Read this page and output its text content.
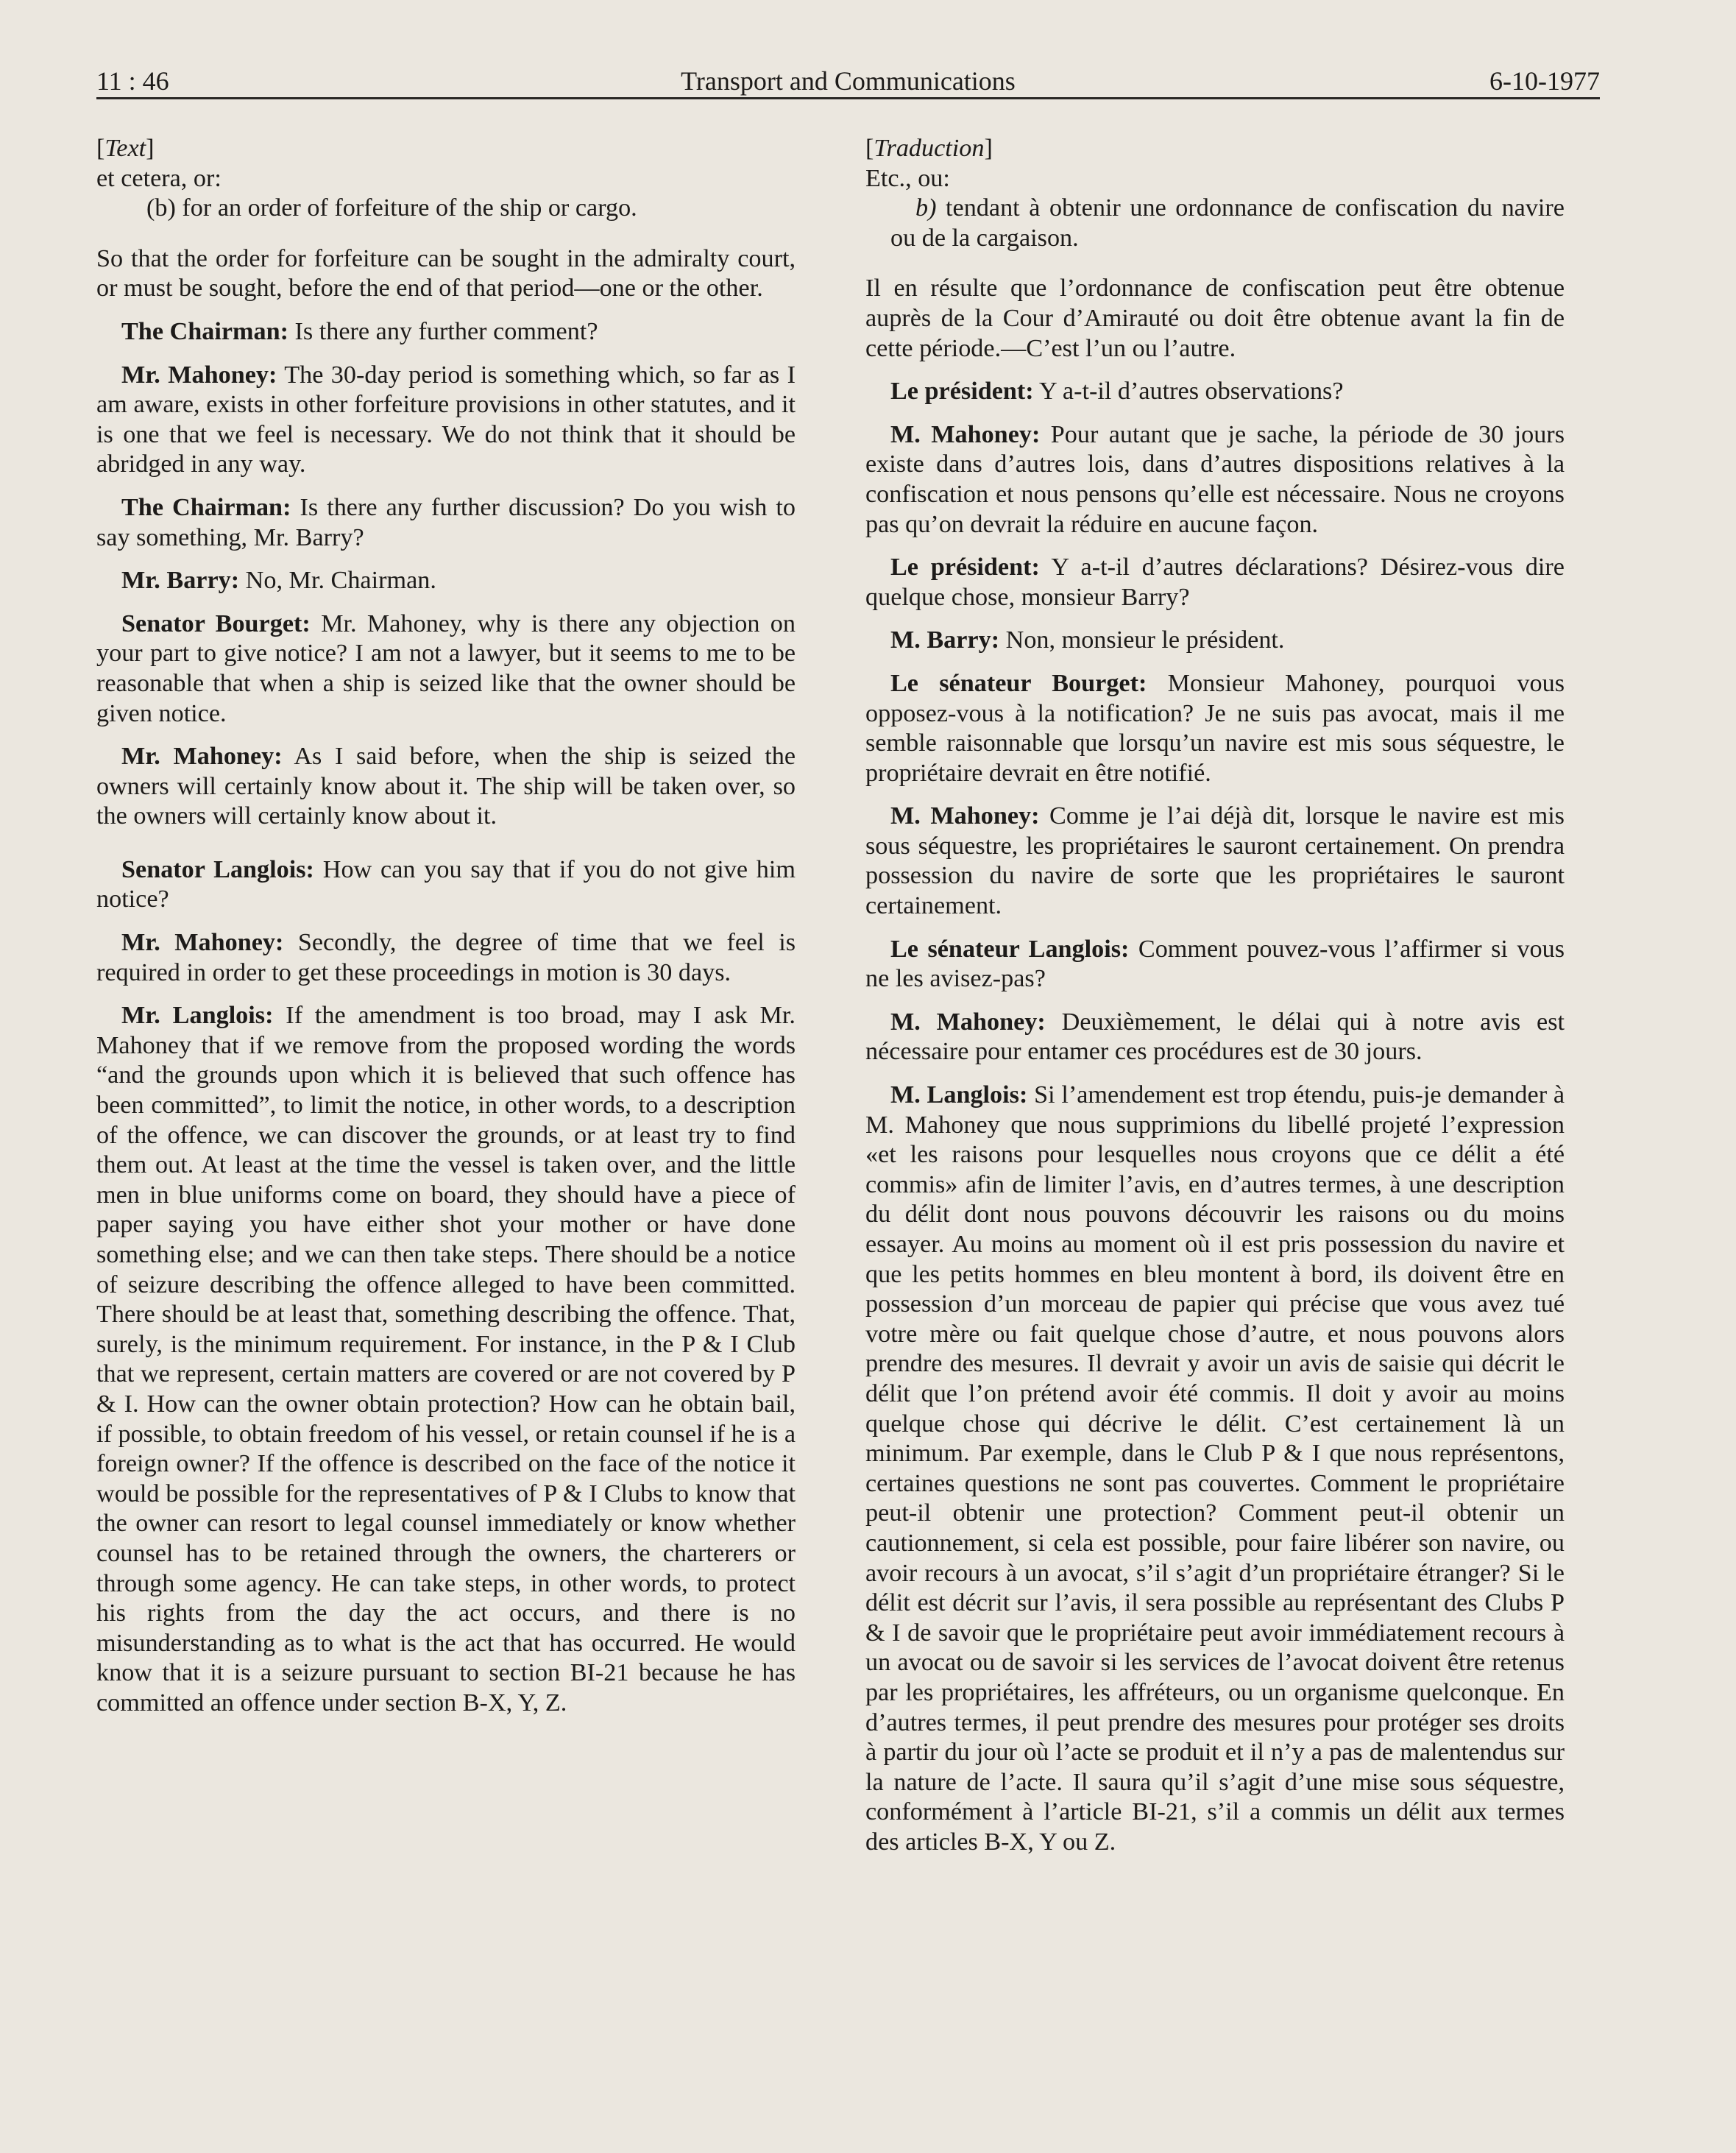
11 : 46	Transport and Communications	6-10-1977

[Text]

et cetera, or:

(b) for an order of forfeiture of the ship or cargo.

So that the order for forfeiture can be sought in the admiralty court, or must be sought, before the end of that period—one or the other.

The Chairman: Is there any further comment?

Mr. Mahoney: The 30-day period is something which, so far as I am aware, exists in other forfeiture provisions in other statutes, and it is one that we feel is necessary. We do not think that it should be abridged in any way.

The Chairman: Is there any further discussion? Do you wish to say something, Mr. Barry?

Mr. Barry: No, Mr. Chairman.

Senator Bourget: Mr. Mahoney, why is there any objection on your part to give notice? I am not a lawyer, but it seems to me to be reasonable that when a ship is seized like that the owner should be given notice.

Mr. Mahoney: As I said before, when the ship is seized the owners will certainly know about it. The ship will be taken over, so the owners will certainly know about it.

Senator Langlois: How can you say that if you do not give him notice?

Mr. Mahoney: Secondly, the degree of time that we feel is required in order to get these proceedings in motion is 30 days.

Mr. Langlois: If the amendment is too broad, may I ask Mr. Mahoney that if we remove from the proposed wording the words “and the grounds upon which it is believed that such offence has been committed”, to limit the notice, in other words, to a description of the offence, we can discover the grounds, or at least try to find them out. At least at the time the vessel is taken over, and the little men in blue uniforms come on board, they should have a piece of paper saying you have either shot your mother or have done something else; and we can then take steps. There should be a notice of seizure describing the offence alleged to have been committed. There should be at least that, something describing the offence. That, surely, is the minimum requirement. For instance, in the P & I Club that we represent, certain matters are covered or are not covered by P & I. How can the owner obtain protection? How can he obtain bail, if possible, to obtain freedom of his vessel, or retain counsel if he is a foreign owner? If the offence is described on the face of the notice it would be possible for the representatives of P & I Clubs to know that the owner can resort to legal counsel immediately or know whether counsel has to be retained through the owners, the charterers or through some agency. He can take steps, in other words, to protect his rights from the day the act occurs, and there is no misunderstanding as to what is the act that has occurred. He would know that it is a seizure pursuant to section BI-21 because he has committed an offence under section B-X, Y, Z.

[Traduction]

Etc., ou:

b) tendant à obtenir une ordonnance de confiscation du navire ou de la cargaison.

Il en résulte que l’ordonnance de confiscation peut être obtenue auprès de la Cour d’Amirauté ou doit être obtenue avant la fin de cette période.—C’est l’un ou l’autre.

Le président: Y a-t-il d’autres observations?

M. Mahoney: Pour autant que je sache, la période de 30 jours existe dans d’autres lois, dans d’autres dispositions relatives à la confiscation et nous pensons qu’elle est nécessaire. Nous ne croyons pas qu’on devrait la réduire en aucune façon.

Le président: Y a-t-il d’autres déclarations? Désirez-vous dire quelque chose, monsieur Barry?

M. Barry: Non, monsieur le président.

Le sénateur Bourget: Monsieur Mahoney, pourquoi vous opposez-vous à la notification? Je ne suis pas avocat, mais il me semble raisonnable que lorsqu’un navire est mis sous séquestre, le propriétaire devrait en être notifié.

M. Mahoney: Comme je l’ai déjà dit, lorsque le navire est mis sous séquestre, les propriétaires le sauront certainement. On prendra possession du navire de sorte que les propriétaires le sauront certainement.

Le sénateur Langlois: Comment pouvez-vous l’affirmer si vous ne les avisez-pas?

M. Mahoney: Deuxièmement, le délai qui à notre avis est nécessaire pour entamer ces procédures est de 30 jours.

M. Langlois: Si l’amendement est trop étendu, puis-je demander à M. Mahoney que nous supprimions du libellé projeté l’expression «et les raisons pour lesquelles nous croyons que ce délit a été commis» afin de limiter l’avis, en d’autres termes, à une description du délit dont nous pouvons découvrir les raisons ou du moins essayer. Au moins au moment où il est pris possession du navire et que les petits hommes en bleu montent à bord, ils doivent être en possession d’un morceau de papier qui précise que vous avez tué votre mère ou fait quelque chose d’autre, et nous pouvons alors prendre des mesures. Il devrait y avoir un avis de saisie qui décrit le délit que l’on prétend avoir été commis. Il doit y avoir au moins quelque chose qui décrive le délit. C’est certainement là un minimum. Par exemple, dans le Club P & I que nous représentons, certaines questions ne sont pas couvertes. Comment le propriétaire peut-il obtenir une protection? Comment peut-il obtenir un cautionnement, si cela est possible, pour faire libérer son navire, ou avoir recours à un avocat, s’il s’agit d’un propriétaire étranger? Si le délit est décrit sur l’avis, il sera possible au représentant des Clubs P & I de savoir que le propriétaire peut avoir immédiatement recours à un avocat ou de savoir si les services de l’avocat doivent être retenus par les propriétaires, les affréteurs, ou un organisme quelconque. En d’autres termes, il peut prendre des mesures pour protéger ses droits à partir du jour où l’acte se produit et il n’y a pas de malentendus sur la nature de l’acte. Il saura qu’il s’agit d’une mise sous séquestre, conformément à l’article BI-21, s’il a commis un délit aux termes des articles B-X, Y ou Z.
